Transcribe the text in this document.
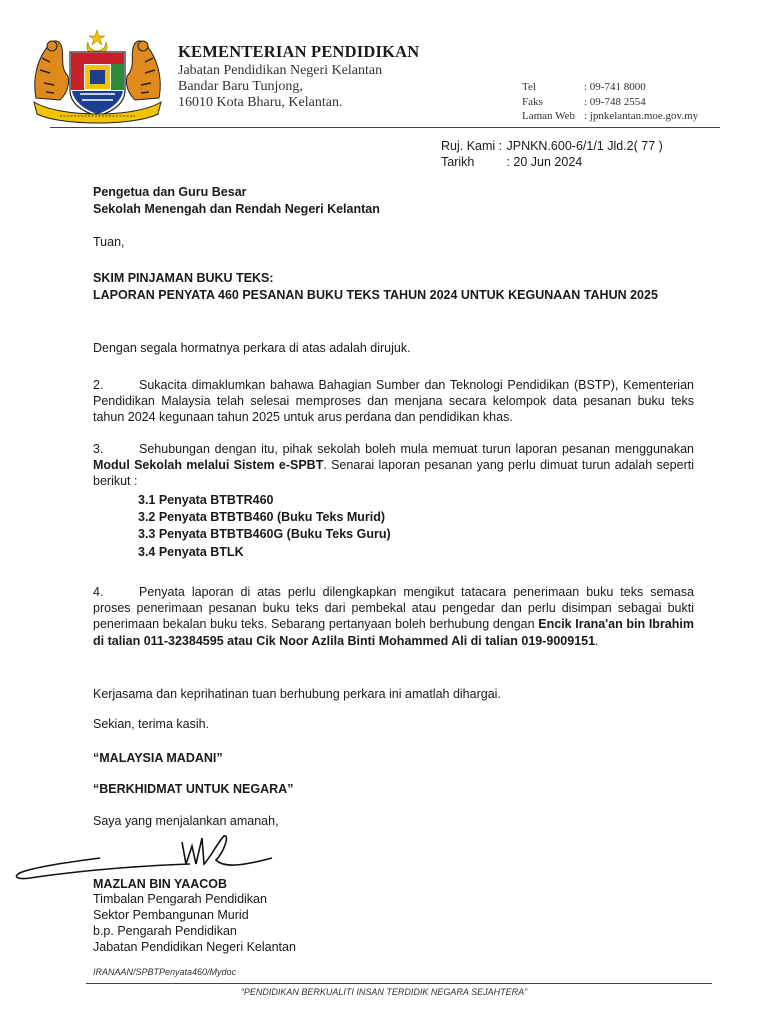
KEMENTERIAN PENDIDIKAN
Jabatan Pendidikan Negeri Kelantan
Bandar Baru Tunjong,
16010 Kota Bharu, Kelantan.
Tel	: 09-741 8000
Faks	: 09-748 2554
Laman Web : jpnkelantan.moe.gov.my
Ruj. Kami : JPNKN.600-6/1/1 Jld.2( 77 )
Tarikh	: 20 Jun 2024
Pengetua dan Guru Besar
Sekolah Menengah dan Rendah Negeri Kelantan
Tuan,
SKIM PINJAMAN BUKU TEKS:
LAPORAN PENYATA 460 PESANAN BUKU TEKS TAHUN 2024 UNTUK KEGUNAAN TAHUN 2025
Dengan segala hormatnya perkara di atas adalah dirujuk.
2.	Sukacita dimaklumkan bahawa Bahagian Sumber dan Teknologi Pendidikan (BSTP), Kementerian Pendidikan Malaysia telah selesai memproses dan menjana secara kelompok data pesanan buku teks tahun 2024 kegunaan tahun 2025 untuk arus perdana dan pendidikan khas.
3.	Sehubungan dengan itu, pihak sekolah boleh mula memuat turun laporan pesanan menggunakan Modul Sekolah melalui Sistem e-SPBT. Senarai laporan pesanan yang perlu dimuat turun adalah seperti berikut :
3.1 Penyata BTBTR460
3.2 Penyata BTBTB460 (Buku Teks Murid)
3.3 Penyata BTBTB460G (Buku Teks Guru)
3.4 Penyata BTLK
4.	Penyata laporan di atas perlu dilengkapkan mengikut tatacara penerimaan buku teks semasa proses penerimaan pesanan buku teks dari pembekal atau pengedar dan perlu disimpan sebagai bukti penerimaan bekalan buku teks. Sebarang pertanyaan boleh berhubung dengan Encik Irana'an bin Ibrahim di talian 011-32384595 atau Cik Noor Azlila Binti Mohammed Ali di talian 019-9009151.
Kerjasama dan keprihatinan tuan berhubung perkara ini amatlah dihargai.
Sekian, terima kasih.
“MALAYSIA MADANI”
“BERKHIDMAT UNTUK NEGARA”
Saya yang menjalankan amanah,
MAZLAN BIN YAACOB
Timbalan Pengarah Pendidikan
Sektor Pembangunan Murid
b.p. Pengarah Pendidikan
Jabatan Pendidikan Negeri Kelantan
IRANAAN/SPBTPenyata460/Mydoc
“PENDIDIKAN BERKUALITI INSAN TERDIDIK NEGARA SEJAHTERA”
